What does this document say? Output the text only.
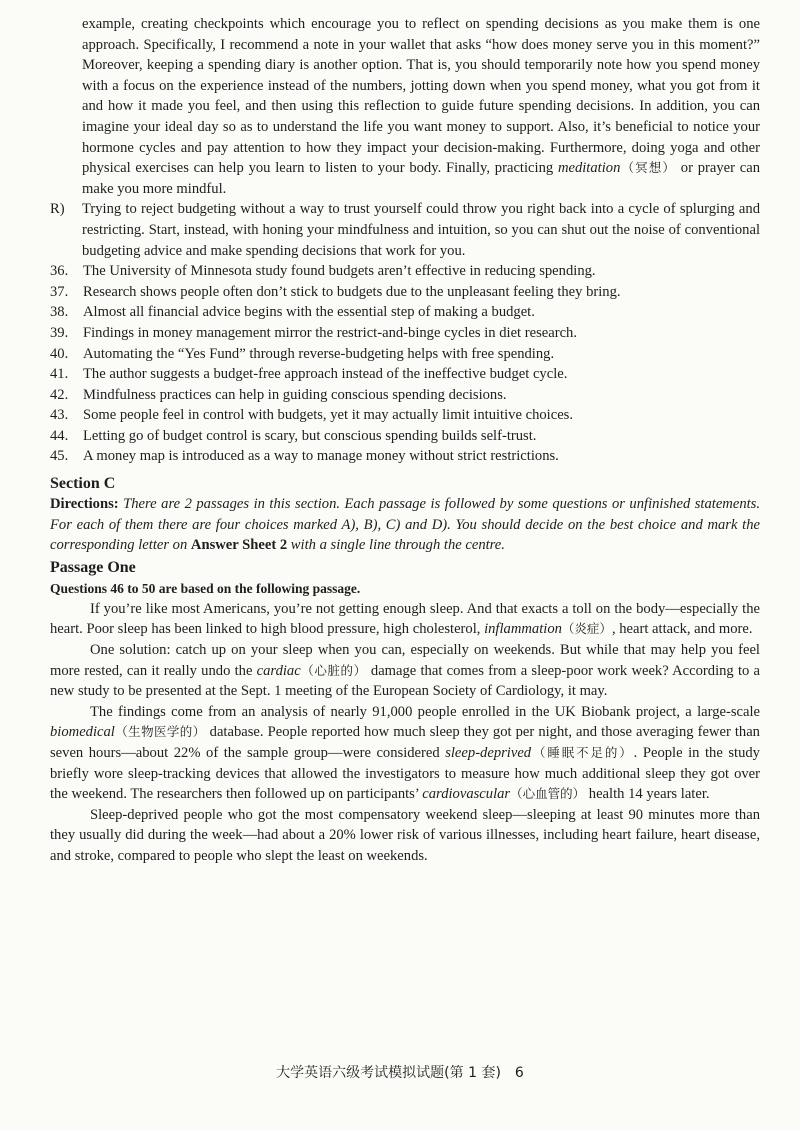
example, creating checkpoints which encourage you to reflect on spending decisions as you make them is one approach. Specifically, I recommend a note in your wallet that asks “how does money serve you in this moment?” Moreover, keeping a spending diary is another option. That is, you should temporarily note how you spend money with a focus on the experience instead of the numbers, jotting down when you spend money, what you got from it and how it made you feel, and then using this reflection to guide future spending decisions. In addition, you can imagine your ideal day so as to understand the life you want money to support. Also, it’s beneficial to notice your hormone cycles and pay attention to how they impact your decision-making. Furthermore, doing yoga and other physical exercises can help you learn to listen to your body. Finally, practicing meditation（冥想） or prayer can make you more mindful.
R)	Trying to reject budgeting without a way to trust yourself could throw you right back into a cycle of splurging and restricting. Start, instead, with honing your mindfulness and intuition, so you can shut out the noise of conventional budgeting advice and make spending decisions that work for you.
36.	The University of Minnesota study found budgets aren’t effective in reducing spending.
37.	Research shows people often don’t stick to budgets due to the unpleasant feeling they bring.
38.	Almost all financial advice begins with the essential step of making a budget.
39.	Findings in money management mirror the restrict-and-binge cycles in diet research.
40.	Automating the “Yes Fund” through reverse-budgeting helps with free spending.
41.	The author suggests a budget-free approach instead of the ineffective budget cycle.
42.	Mindfulness practices can help in guiding conscious spending decisions.
43.	Some people feel in control with budgets, yet it may actually limit intuitive choices.
44.	Letting go of budget control is scary, but conscious spending builds self-trust.
45.	A money map is introduced as a way to manage money without strict restrictions.
Section C
Directions: There are 2 passages in this section. Each passage is followed by some questions or unfinished statements. For each of them there are four choices marked A), B), C) and D). You should decide on the best choice and mark the corresponding letter on Answer Sheet 2 with a single line through the centre.
Passage One
Questions 46 to 50 are based on the following passage.
If you’re like most Americans, you’re not getting enough sleep. And that exacts a toll on the body—especially the heart. Poor sleep has been linked to high blood pressure, high cholesterol, inflammation（炎症）, heart attack, and more.
One solution: catch up on your sleep when you can, especially on weekends. But while that may help you feel more rested, can it really undo the cardiac（心脏的） damage that comes from a sleep-poor work week? According to a new study to be presented at the Sept. 1 meeting of the European Society of Cardiology, it may.
The findings come from an analysis of nearly 91,000 people enrolled in the UK Biobank project, a large-scale biomedical（生物医学的） database. People reported how much sleep they got per night, and those averaging fewer than seven hours—about 22% of the sample group—were considered sleep-deprived（睡眠不足的）. People in the study briefly wore sleep-tracking devices that allowed the investigators to measure how much additional sleep they got over the weekend. The researchers then followed up on participants’ cardiovascular（心血管的） health 14 years later.
Sleep-deprived people who got the most compensatory weekend sleep—sleeping at least 90 minutes more than they usually did during the week—had about a 20% lower risk of various illnesses, including heart failure, heart disease, and stroke, compared to people who slept the least on weekends.
大学英语六级考试模拟试题(第 1 套)　6
